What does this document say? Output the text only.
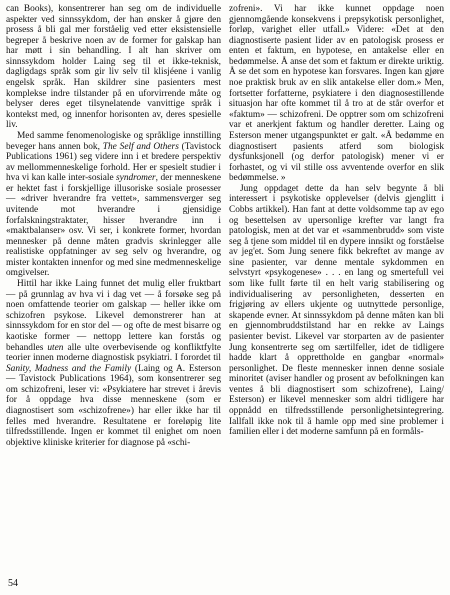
can Books), konsentrerer han seg om de individuelle aspekter ved sinnssykdom, der han ønsker å gjøre den prosess å bli gal mer forståelig ved etter eksistensielle begreper å beskrive noen av de former for galskap han har møtt i sin behandling. I alt han skriver om sinnssykdom holder Laing seg til et ikke-teknisk, dagligdags språk som gir liv selv til klisjéene i vanlig engelsk språk. Han skildrer sine pasienters mest komplekse indre tilstander på en uforvirrende måte og belyser deres eget tilsynelatende vanvittige språk i kontekst med, og innenfor horisonten av, deres spesielle liv.

Med samme fenomenologiske og språklige innstilling beveger hans annen bok, The Self and Others (Tavistock Publications 1961) seg videre inn i et bredere perspektiv av mellommenneskelige forhold. Her er spesielt studier i hva vi kan kalle inter-sosiale syndromer, der menneskene er hektet fast i forskjellige illusoriske sosiale prosesser — «driver hverandre fra vettet», sammensverger seg uvitende mot hverandre i gjensidige forfalskningstraktater, hisser hverandre inn i «maktbalanser» osv. Vi ser, i konkrete former, hvordan mennesker på denne måten gradvis skrinlegger alle realistiske oppfatninger av seg selv og hverandre, og mister kontakten innenfor og med sine medmenneskelige omgivelser.

Hittil har ikke Laing funnet det mulig eller fruktbart — på grunnlag av hva vi i dag vet — å forsøke seg på noen omfattende teorier om galskap — heller ikke om schizofren psykose. Likevel demonstrerer han at sinnssykdom for en stor del — og ofte de mest bisarre og kaotiske former — nettopp lettere kan forstås og behandles uten alle ulte overbevisende og konfliktfylte teorier innen moderne diagnostisk psykiatri. I forordet til Sanity, Madness and the Family (Laing og A. Esterson — Tavistock Publications 1964), som konsentrerer seg om schizofreni, leser vi: «Psykiatere har strevet i årevis for å oppdage hva disse menneskene (som er diagnostisert som «schizofrene») har eller ikke har til felles med hverandre. Resultatene er foreløpig lite tilfredsstillende. Ingen er kommet til enighet om noen objektive kliniske kriterier for diagnose på «schi-

zofreni». Vi har ikke kunnet oppdage noen gjennomgående konsekvens i prepsykotisk personlighet, forløp, varighet eller utfall.» Videre: «Det at den diagnostiserte pasient lider av en patologisk prosess er enten et faktum, en hypotese, en antakelse eller en bedømmelse. Å anse det som et faktum er direkte uriktig. Å se det som en hypotese kan forsvares. Ingen kan gjøre noe praktisk bruk av en slik antakelse eller dom.» Men, fortsetter forfatterne, psykiatere i den diagnosestillende situasjon har ofte kommet til å tro at de står overfor et «faktum» — schizofreni. De opptrer som om schizofreni var et anerkjent faktum og handler deretter. Laing og Esterson mener utgangspunktet er galt. «Å bedømme en diagnostisert pasients atferd som biologisk dysfunksjonell (og derfor patologisk) mener vi er forhastet, og vi vil stille oss avventende overfor en slik bedømmelse. »

Jung oppdaget dette da han selv begynte å bli interessert i psykotiske opplevelser (delvis gjenglitt i Cobbs artikkel). Han fant at dette voldsomme tap av ego og besettelsen av upersonlige krefter var langt fra patologisk, men at det var et «sammenbrudd» som viste seg å tjene som middel til en dypere innsikt og forståelse av jeg'et. Som Jung senere fikk bekreftet av mange av sine pasienter, var denne mentale sykdommen en selvstyrt «psykogenese» . . . en lang og smertefull vei som like fullt førte til en helt varig stabilisering og individualisering av personligheten, desserten en frigjøring av ellers ukjente og uutnyttede personlige, skapende evner. At sinnssykdom på denne måten kan bli en gjennombruddstilstand har en rekke av Laings pasienter bevist. Likevel var storparten av de pasienter Jung konsentrerte seg om særtilfeller, idet de tidligere hadde klart å opprettholde en gangbar «normal» personlighet. De fleste mennesker innen denne sosiale minoritet (aviser handler og prosent av befolkningen kan ventes å bli diagnostisert som schizofrene), Laing/ Esterson) er likevel mennesker som aldri tidligere har oppnådd en tilfredsstillende personlighetsintegrering. Iallfall ikke nok til å hamle opp med sine problemer i familien eller i det moderne samfunn på en formåls-

54
